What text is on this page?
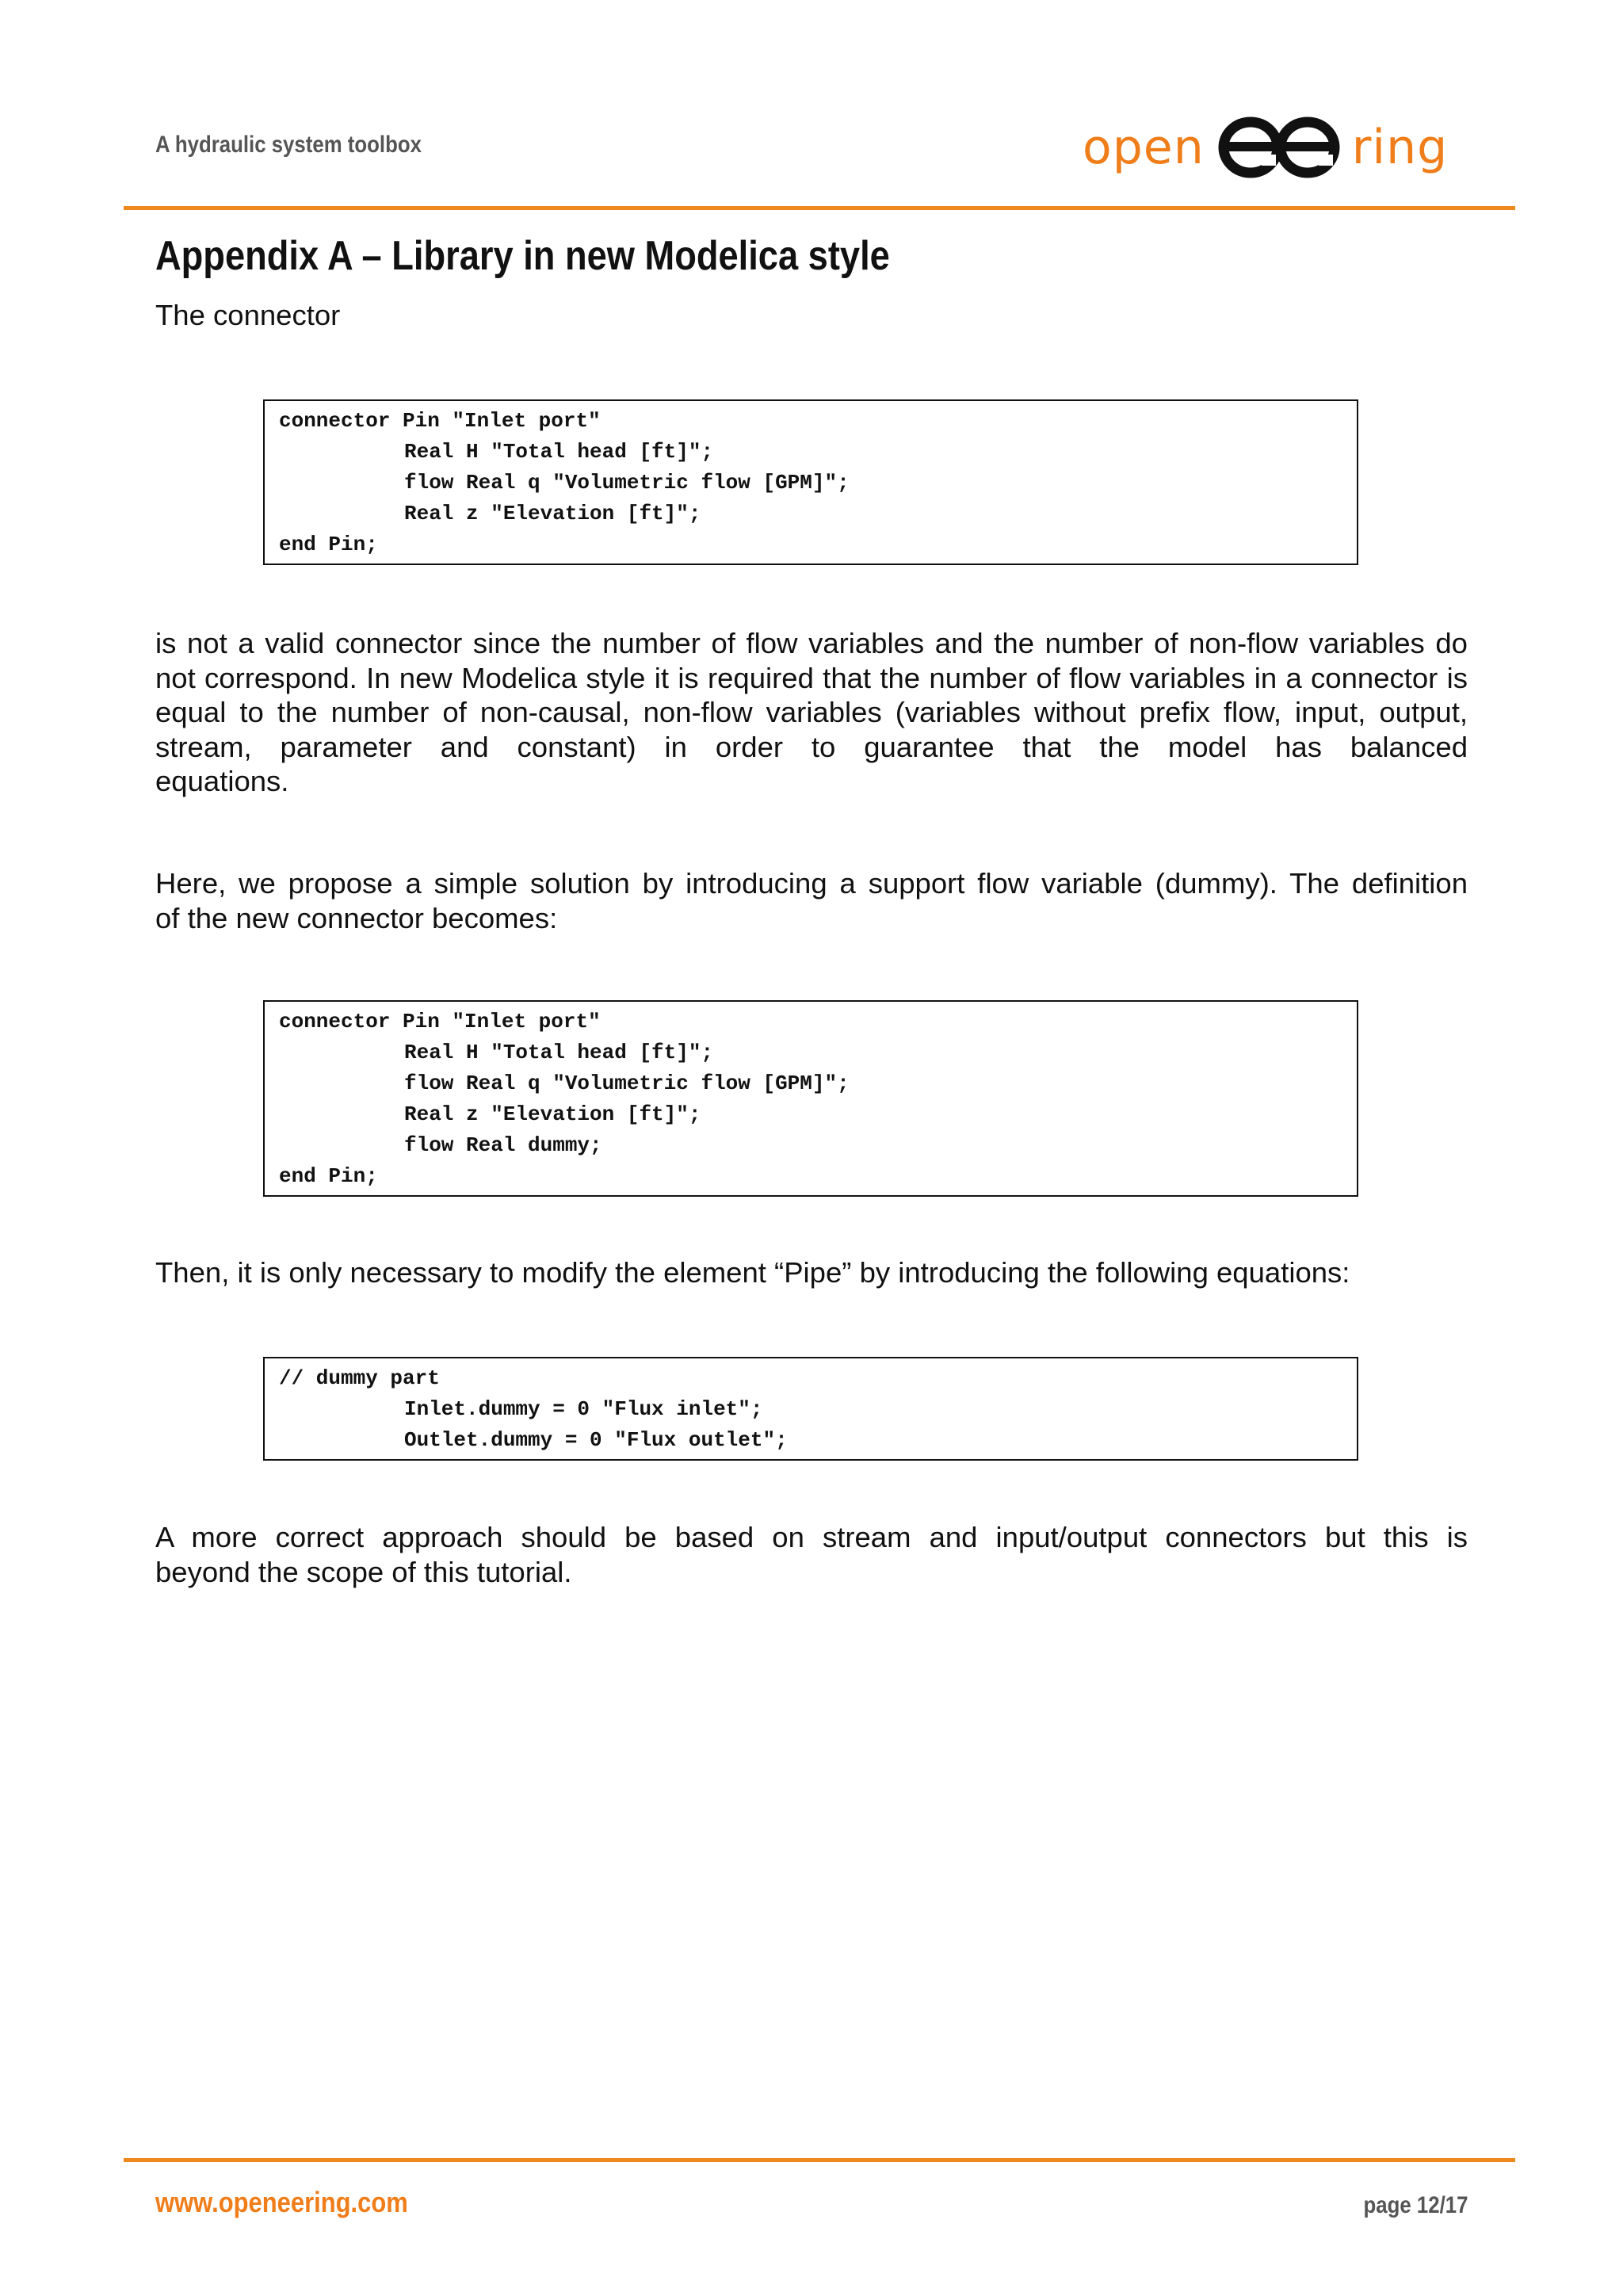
A hydraulic system toolbox	open	ring
Appendix A – Library in new Modelica style
The connector
connector Pin "Inlet port"
Real H "Total head [ft]";
flow Real q "Volumetric flow [GPM]";
Real z "Elevation [ft]";
end Pin;
is not a valid connector since the number of flow variables and the number of non-flow variables do not correspond. In new Modelica style it is required that the number of flow variables in a connector is equal to the number of non-causal, non-flow variables (variables without prefix flow, input, output, stream, parameter and constant) in order to guarantee that the model has balanced
equations.
Here, we propose a simple solution by introducing a support flow variable (dummy). The definition
of the new connector becomes:
connector Pin "Inlet port"
Real H "Total head [ft]";
flow Real q "Volumetric flow [GPM]";
Real z "Elevation [ft]";
flow Real dummy;
end Pin;
Then, it is only necessary to modify the element “Pipe” by introducing the following equations:
// dummy part
Inlet.dummy = 0 "Flux inlet";
Outlet.dummy = 0 "Flux outlet";
A more correct approach should be based on stream and input/output connectors but this is
beyond the scope of this tutorial.
www.openeering.com	page 12/17
